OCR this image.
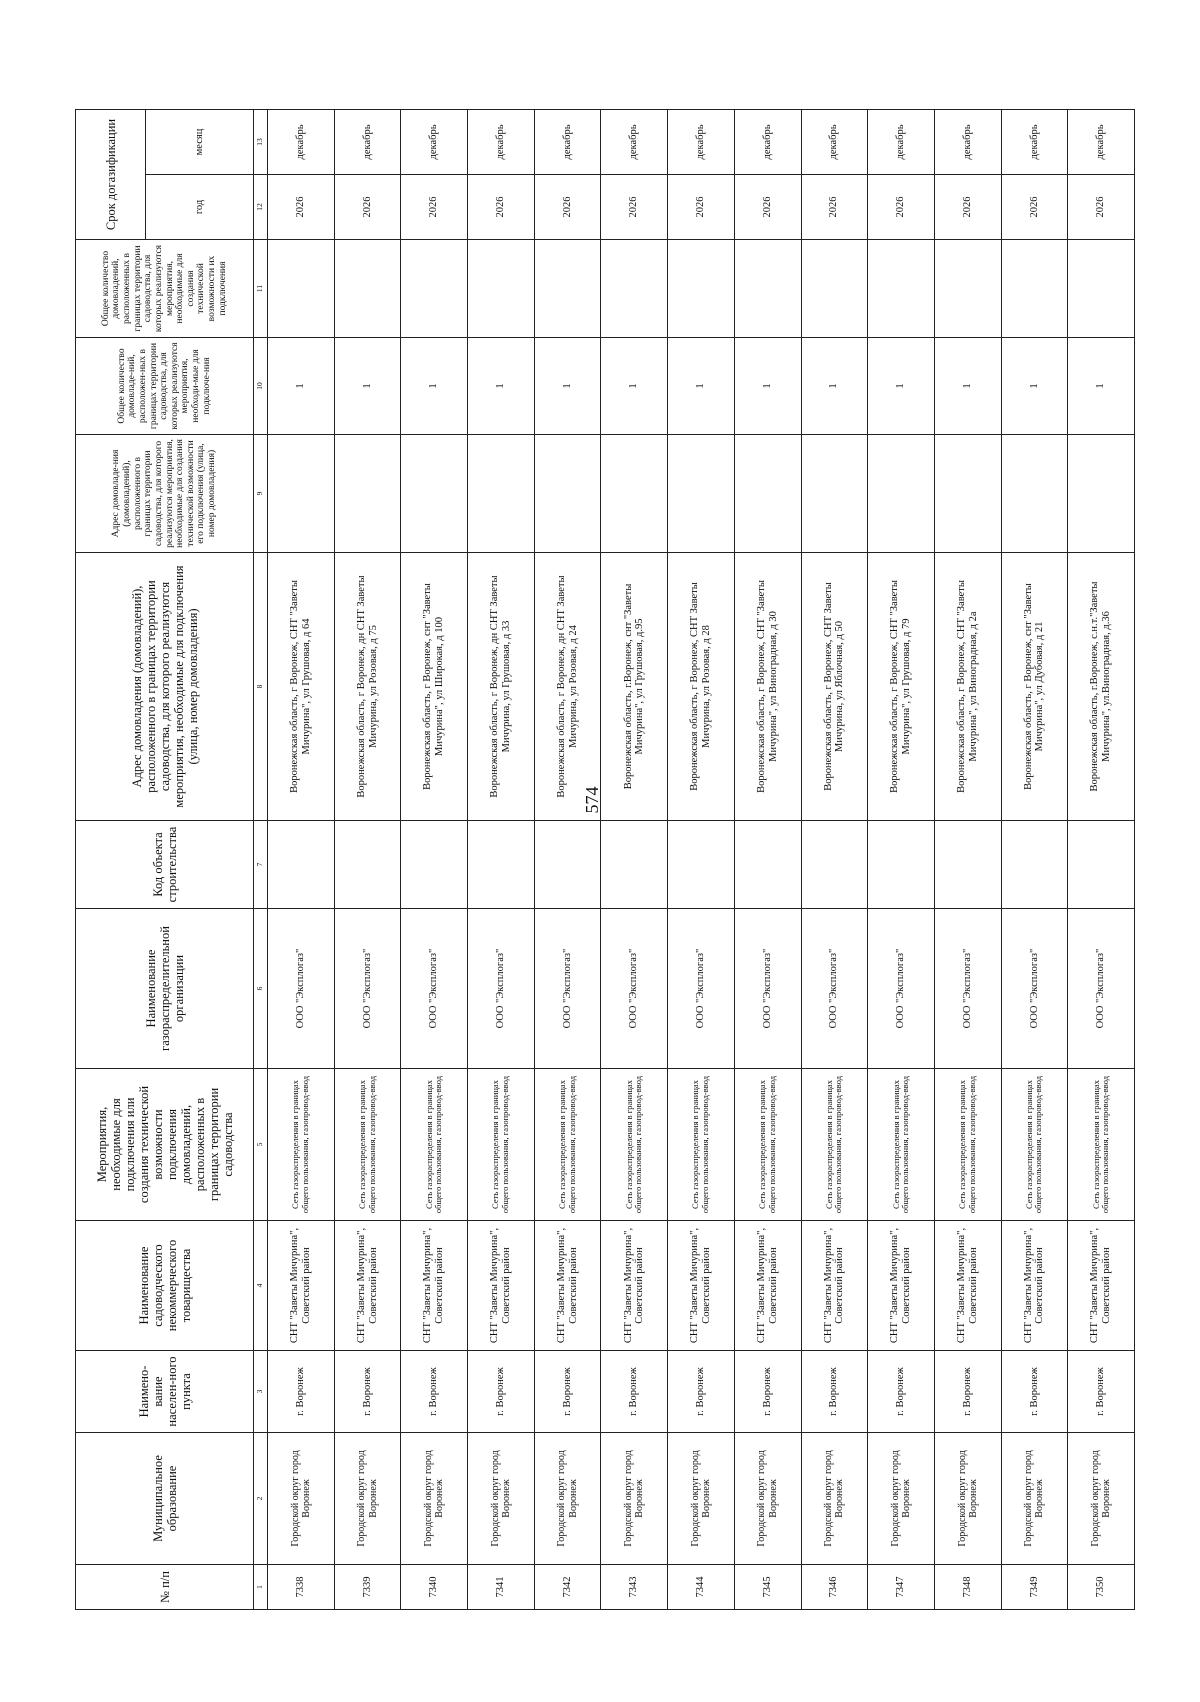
574
№ п/п	Муниципальное образование	Наимено-вание населен-ного пункта	Наименование садоводческого некоммерческого товарищества	Мероприятия, необходимые для подключения или создания технической возможности подключения домовладений, расположенных в границах территории садоводства	Наименование газораспределительной организации	Код объекта строительства	Адрес домовладения (домовладений), расположенного в границах территории садоводства, для которого реализуются мероприятия, необходимые для подключения (улица, номер домовладения)	Адрес домовладе-ния (домовладений), расположенного в границах территории садоводства, для которого реализуются мероприятия, необходимые для создания технической возможности его подключения (улица, номер домовладения)	Общее количество домовладе-ний, расположен-ных в границах территории садоводства, для которых реализуются мероприятия, необходи-мые для подключе-ния	Общее количество домовладений, расположенных в границах территории садоводства, для которых реализуются мероприятия, необходимые для создания технической возможности их подключения	Срок догазификации	
											год	месяц
1	2	3	4	5	6	7	8	9	10	11	12	13
7338	Городской округ город Воронеж	г. Воронеж	СНТ "Заветы Мичурина", Советский район	Сеть газораспределения в границах общего пользования, газопровод-ввод	ООО "Эксплогаз"		Воронежская область, г Воронеж, СНТ "Заветы Мичурина", ул Грушовая, д 64		1		2026	декабрь
7339	Городской округ город Воронеж	г. Воронеж	СНТ "Заветы Мичурина", Советский район	Сеть газораспределения в границах общего пользования, газопровод-ввод	ООО "Эксплогаз"		Воронежская область, г Воронеж, дн СНТ Заветы Мичурина, ул Розовая, д 75		1		2026	декабрь
7340	Городской округ город Воронеж	г. Воронеж	СНТ "Заветы Мичурина", Советский район	Сеть газораспределения в границах общего пользования, газопровод-ввод	ООО "Эксплогаз"		Воронежская область, г Воронеж, снт "Заветы Мичурина", ул Широкая, д 100		1		2026	декабрь
7341	Городской округ город Воронеж	г. Воронеж	СНТ "Заветы Мичурина", Советский район	Сеть газораспределения в границах общего пользования, газопровод-ввод	ООО "Эксплогаз"		Воронежская область, г Воронеж, дн СНТ Заветы Мичурина, ул Грушовая, д 33		1		2026	декабрь
7342	Городской округ город Воронеж	г. Воронеж	СНТ "Заветы Мичурина", Советский район	Сеть газораспределения в границах общего пользования, газопровод-ввод	ООО "Эксплогаз"		Воронежская область, г Воронеж, дн СНТ Заветы Мичурина, ул Розовая, д 24		1		2026	декабрь
7343	Городской округ город Воронеж	г. Воронеж	СНТ "Заветы Мичурина", Советский район	Сеть газораспределения в границах общего пользования, газопровод-ввод	ООО "Эксплогаз"		Воронежская область, г.Воронеж, снт "Заветы Мичурина", ул Грушовая, д.95		1		2026	декабрь
7344	Городской округ город Воронеж	г. Воронеж	СНТ "Заветы Мичурина", Советский район	Сеть газораспределения в границах общего пользования, газопровод-ввод	ООО "Эксплогаз"		Воронежская область, г Воронеж, СНТ Заветы Мичурина, ул Розовая, д 28		1		2026	декабрь
7345	Городской округ город Воронеж	г. Воронеж	СНТ "Заветы Мичурина", Советский район	Сеть газораспределения в границах общего пользования, газопровод-ввод	ООО "Эксплогаз"		Воронежская область, г Воронеж, СНТ "Заветы Мичурина", ул Виноградная, д 30		1		2026	декабрь
7346	Городской округ город Воронеж	г. Воронеж	СНТ "Заветы Мичурина", Советский район	Сеть газораспределения в границах общего пользования, газопровод-ввод	ООО "Эксплогаз"		Воронежская область, г Воронеж, СНТ Заветы Мичурина, ул Яблочная, д 50		1		2026	декабрь
7347	Городской округ город Воронеж	г. Воронеж	СНТ "Заветы Мичурина", Советский район	Сеть газораспределения в границах общего пользования, газопровод-ввод	ООО "Эксплогаз"		Воронежская область, г Воронеж, СНТ "Заветы Мичурина", ул Грушовая, д 79		1		2026	декабрь
7348	Городской округ город Воронеж	г. Воронеж	СНТ "Заветы Мичурина", Советский район	Сеть газораспределения в границах общего пользования, газопровод-ввод	ООО "Эксплогаз"		Воронежская область, г Воронеж, СНТ "Заветы Мичурина", ул Виноградная, д 2а		1		2026	декабрь
7349	Городской округ город Воронеж	г. Воронеж	СНТ "Заветы Мичурина", Советский район	Сеть газораспределения в границах общего пользования, газопровод-ввод	ООО "Эксплогаз"		Воронежская область, г Воронеж, снт "Заветы Мичурина", ул Дубовая, д 21		1		2026	декабрь
7350	Городской округ город Воронеж	г. Воронеж	СНТ "Заветы Мичурина", Советский район	Сеть газораспределения в границах общего пользования, газопровод-ввод	ООО "Эксплогаз"		Воронежская область, г.Воронеж, с.н.т."Заветы Мичурина", ул.Виноградная, д.36		1		2026	декабрь
